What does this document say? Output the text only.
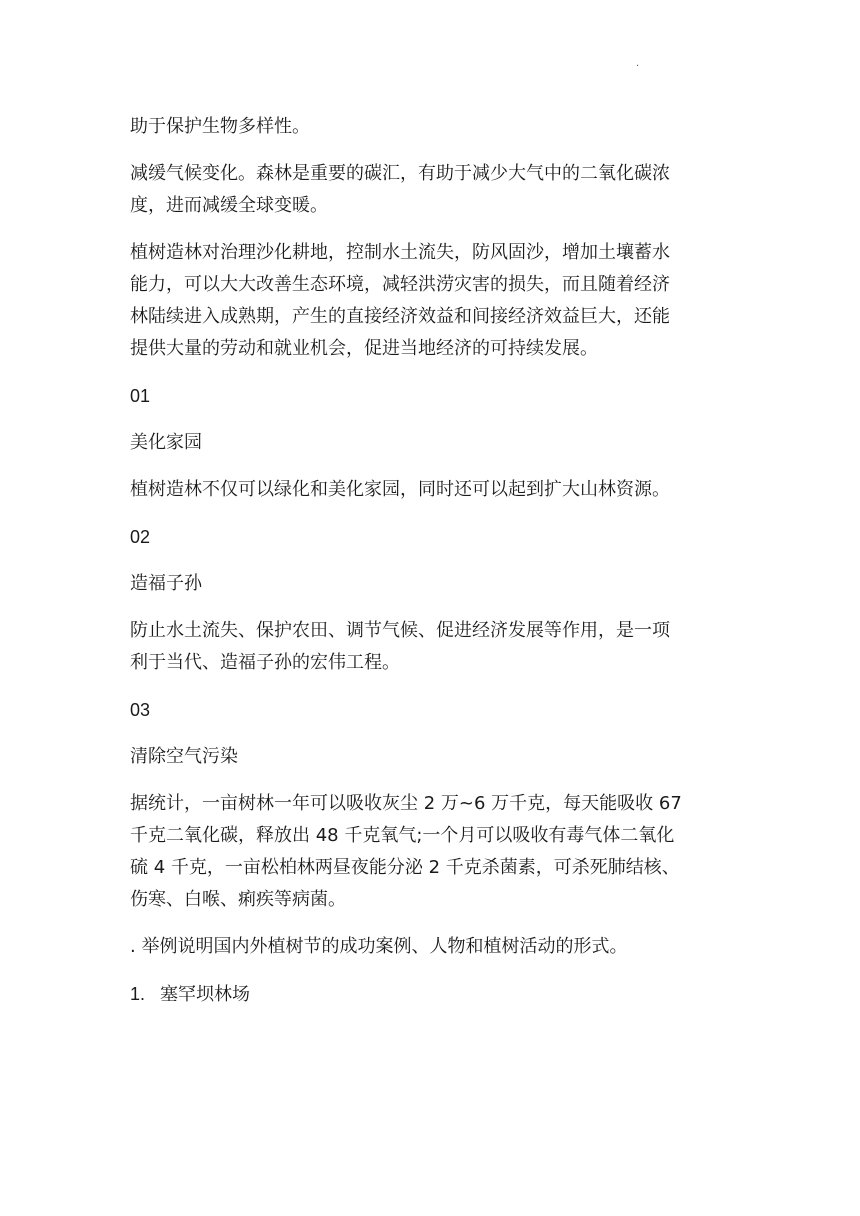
.
助于保护生物多样性。
减缓气候变化。森林是重要的碳汇，有助于减少大气中的二氧化碳浓
度，进而减缓全球变暖。
植树造林对治理沙化耕地，控制水土流失，防风固沙，增加土壤蓄水
能力，可以大大改善生态环境，减轻洪涝灾害的损失，而且随着经济
林陆续进入成熟期，产生的直接经济效益和间接经济效益巨大，还能
提供大量的劳动和就业机会，促进当地经济的可持续发展。
01
美化家园
植树造林不仅可以绿化和美化家园，同时还可以起到扩大山林资源。
02
造福子孙
防止水土流失、保护农田、调节气候、促进经济发展等作用，是一项
利于当代、造福子孙的宏伟工程。
03
清除空气污染
据统计，一亩树林一年可以吸收灰尘 2 万~6 万千克，每天能吸收 67
千克二氧化碳，释放出 48 千克氧气;一个月可以吸收有毒气体二氧化
硫 4 千克，一亩松柏林两昼夜能分泌 2 千克杀菌素，可杀死肺结核、
伤寒、白喉、痢疾等病菌。
. 举例说明国内外植树节的成功案例、人物和植树活动的形式。
1. 塞罕坝林场
